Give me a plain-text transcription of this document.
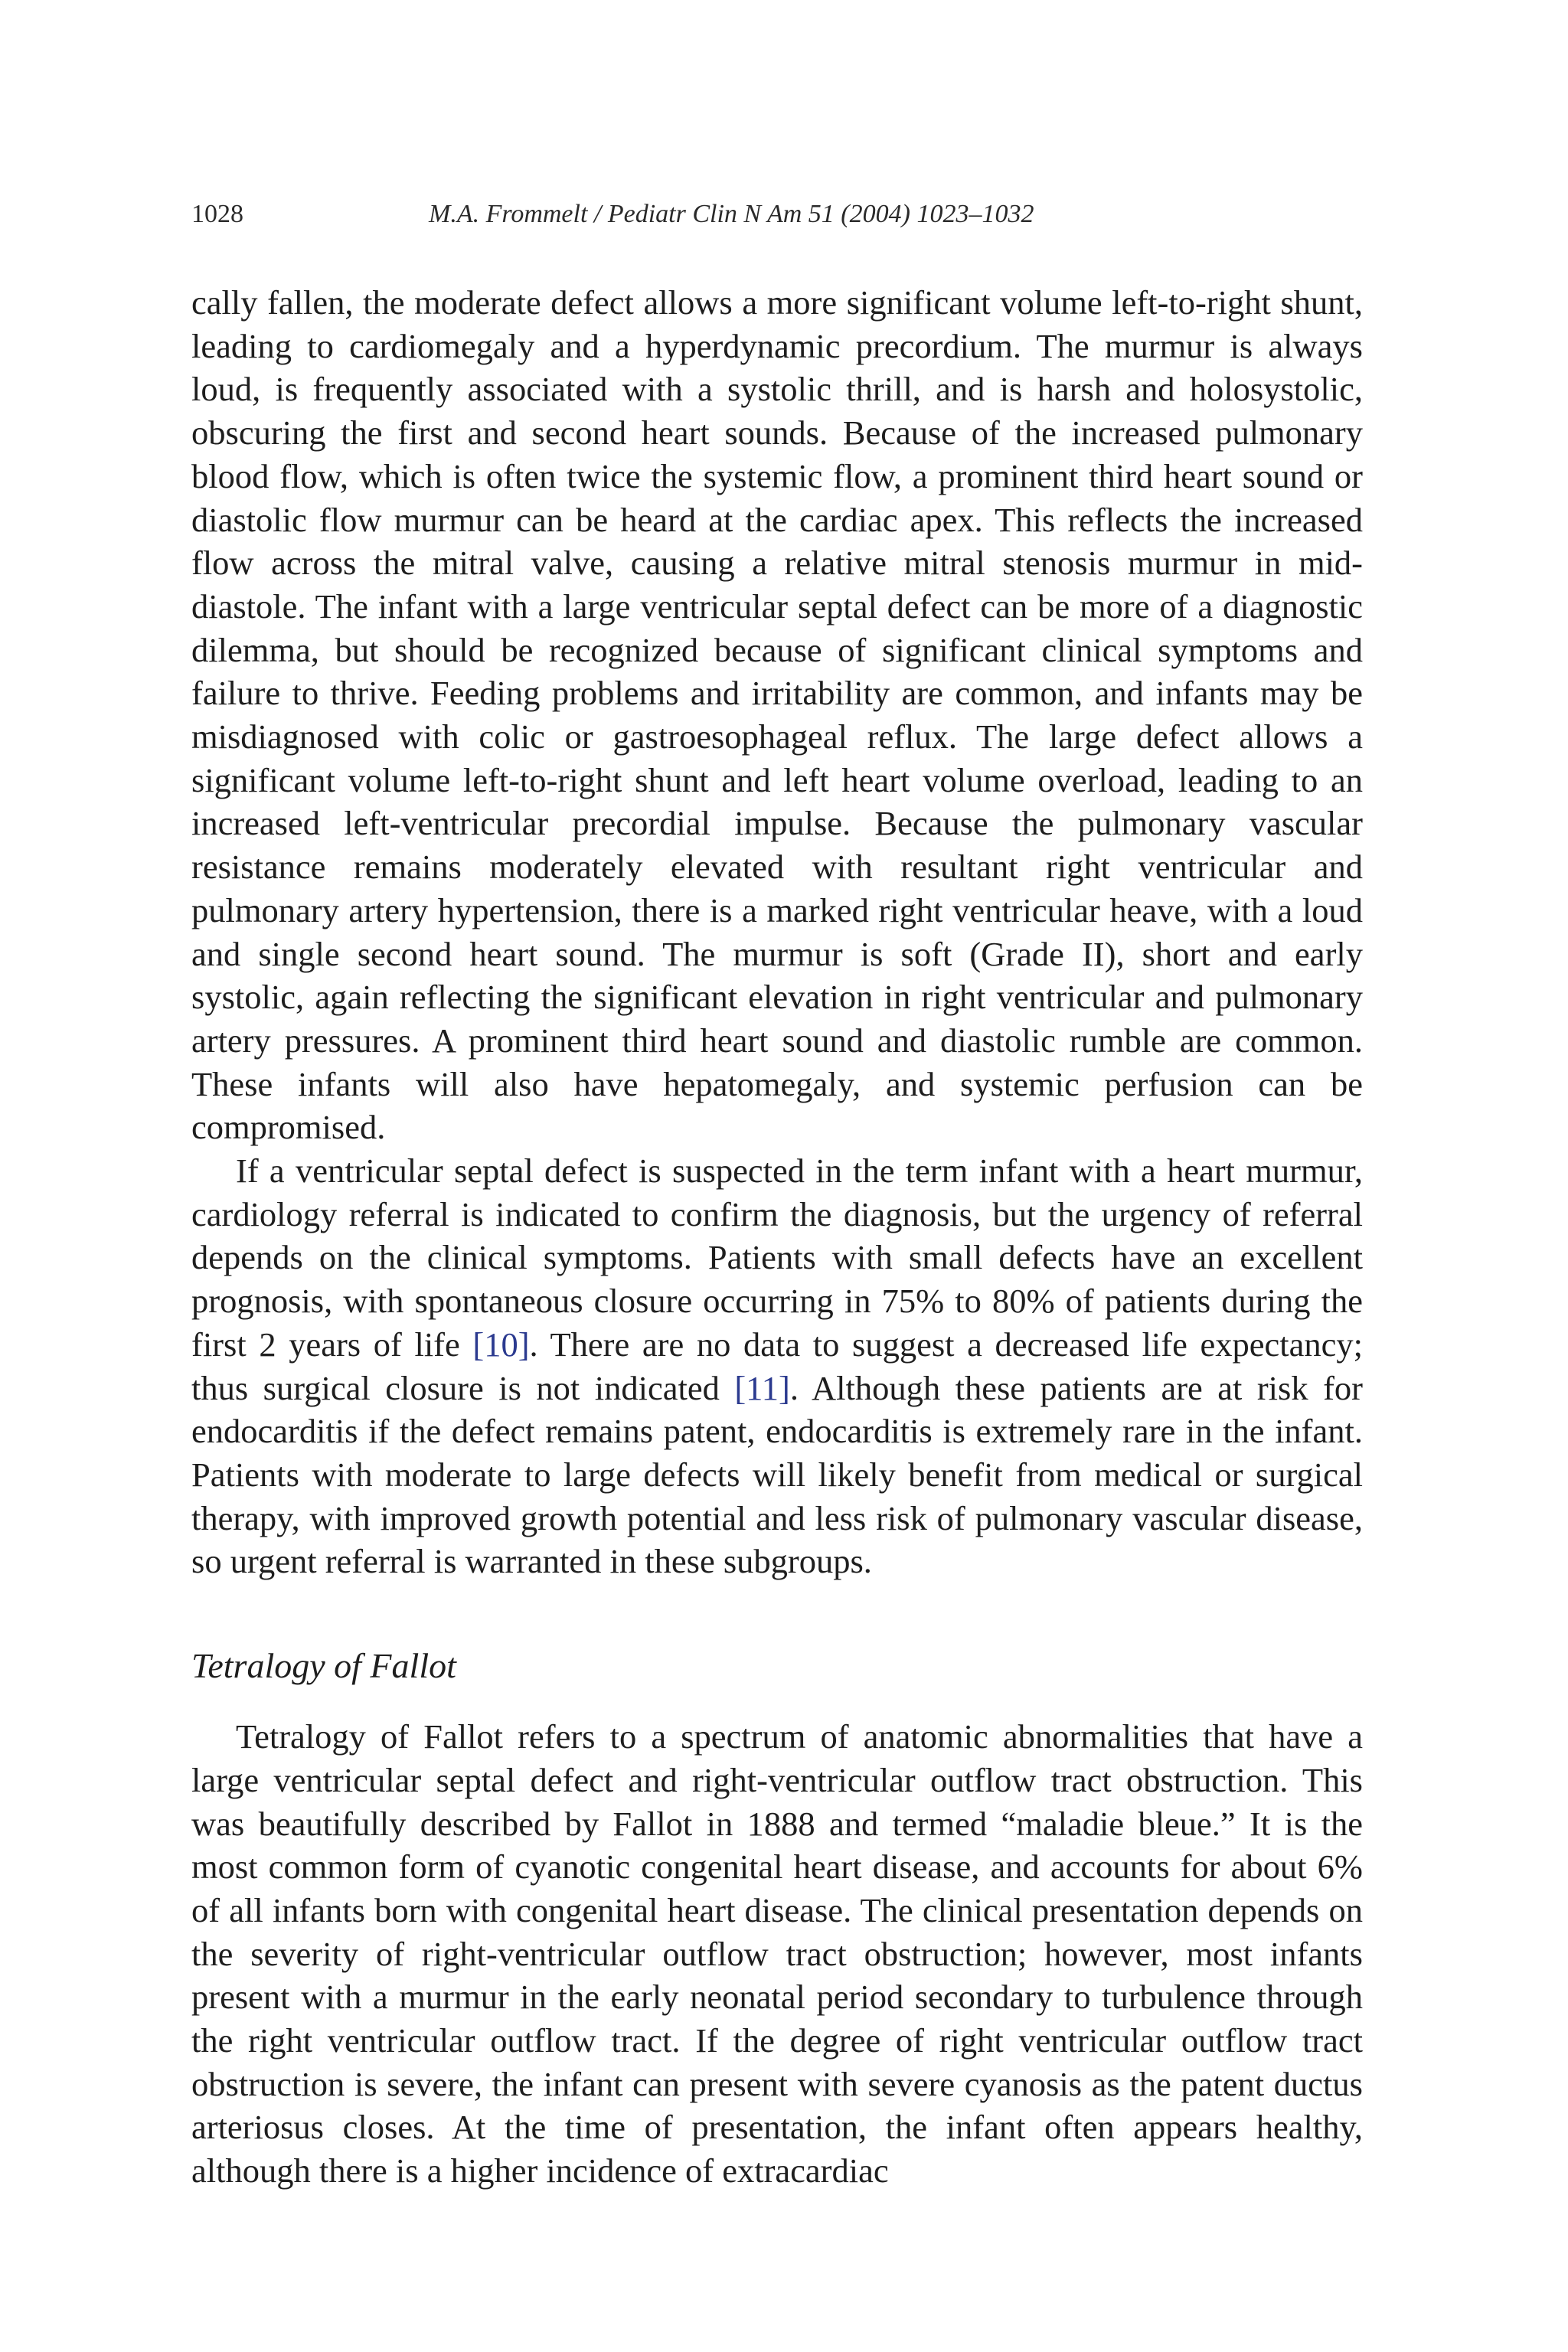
1028	M.A. Frommelt / Pediatr Clin N Am 51 (2004) 1023–1032

cally fallen, the moderate defect allows a more significant volume left-to-right shunt, leading to cardiomegaly and a hyperdynamic precordium. The murmur is always loud, is frequently associated with a systolic thrill, and is harsh and holosystolic, obscuring the first and second heart sounds. Because of the increased pulmonary blood flow, which is often twice the systemic flow, a prominent third heart sound or diastolic flow murmur can be heard at the cardiac apex. This reflects the increased flow across the mitral valve, causing a relative mitral stenosis murmur in mid-diastole. The infant with a large ventricular septal defect can be more of a diagnostic dilemma, but should be recognized because of significant clinical symptoms and failure to thrive. Feeding problems and irritability are common, and infants may be misdiagnosed with colic or gastroesophageal reflux. The large defect allows a significant volume left-to-right shunt and left heart volume overload, leading to an increased left-ventricular precordial impulse. Because the pulmonary vascular resistance remains moderately elevated with resultant right ventricular and pulmonary artery hypertension, there is a marked right ventricular heave, with a loud and single second heart sound. The murmur is soft (Grade II), short and early systolic, again reflecting the significant elevation in right ventricular and pulmonary artery pressures. A prominent third heart sound and diastolic rumble are common. These infants will also have hepatomegaly, and systemic perfusion can be compromised.

If a ventricular septal defect is suspected in the term infant with a heart murmur, cardiology referral is indicated to confirm the diagnosis, but the urgency of referral depends on the clinical symptoms. Patients with small defects have an excellent prognosis, with spontaneous closure occurring in 75% to 80% of patients during the first 2 years of life [10]. There are no data to suggest a decreased life expectancy; thus surgical closure is not indicated [11]. Although these patients are at risk for endocarditis if the defect remains patent, endocarditis is extremely rare in the infant. Patients with moderate to large defects will likely benefit from medical or surgical therapy, with improved growth potential and less risk of pulmonary vascular disease, so urgent referral is warranted in these subgroups.

Tetralogy of Fallot

Tetralogy of Fallot refers to a spectrum of anatomic abnormalities that have a large ventricular septal defect and right-ventricular outflow tract obstruction. This was beautifully described by Fallot in 1888 and termed “maladie bleue.” It is the most common form of cyanotic congenital heart disease, and accounts for about 6% of all infants born with congenital heart disease. The clinical presentation depends on the severity of right-ventricular outflow tract obstruction; however, most infants present with a murmur in the early neonatal period secondary to turbulence through the right ventricular outflow tract. If the degree of right ventricular outflow tract obstruction is severe, the infant can present with severe cyanosis as the patent ductus arteriosus closes. At the time of presentation, the infant often appears healthy, although there is a higher incidence of extracardiac
